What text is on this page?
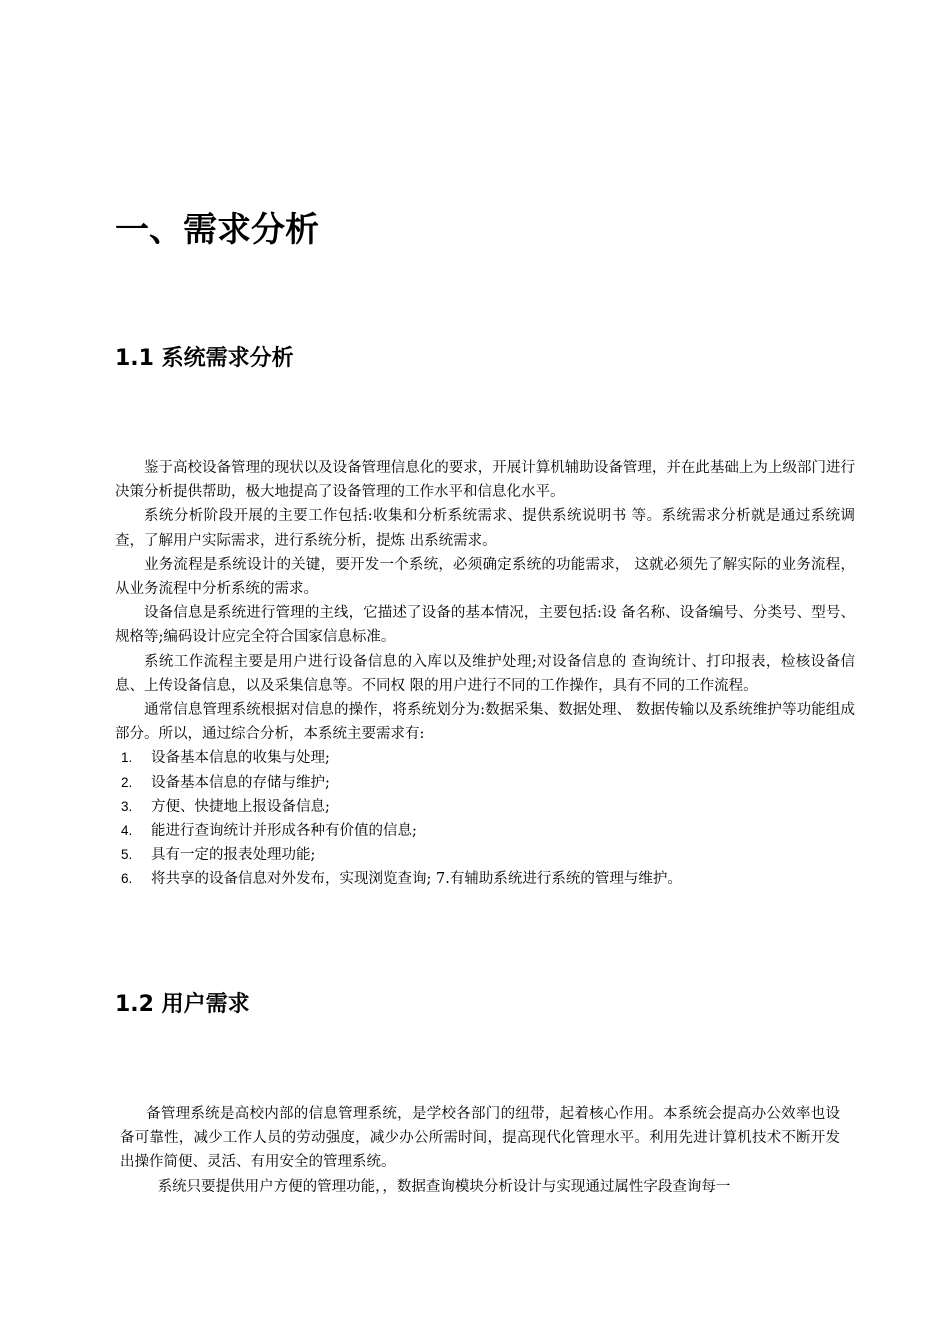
一、需求分析
1.1 系统需求分析

鉴于高校设备管理的现状以及设备管理信息化的要求，开展计算机辅助设备管理，并在此基础上为上级部门进行决策分析提供帮助，极大地提高了设备管理的工作水平和信息化水平。

系统分析阶段开展的主要工作包括:收集和分析系统需求、提供系统说明书 等。系统需求分析就是通过系统调查，了解用户实际需求，进行系统分析，提炼 出系统需求。

业务流程是系统设计的关键，要开发一个系统，必须确定系统的功能需求， 这就必须先了解实际的业务流程，从业务流程中分析系统的需求。

设备信息是系统进行管理的主线，它描述了设备的基本情况，主要包括:设 备名称、设备编号、分类号、型号、规格等;编码设计应完全符合国家信息标准。

系统工作流程主要是用户进行设备信息的入库以及维护处理;对设备信息的 查询统计、打印报表，检核设备信息、上传设备信息，以及采集信息等。不同权 限的用户进行不同的工作操作，具有不同的工作流程。

通常信息管理系统根据对信息的操作，将系统划分为:数据采集、数据处理、 数据传输以及系统维护等功能组成部分。所以，通过综合分析，本系统主要需求有:

1. 设备基本信息的收集与处理;
2. 设备基本信息的存储与维护;
3. 方便、快捷地上报设备信息;
4. 能进行查询统计并形成各种有价值的信息;
5. 具有一定的报表处理功能;
6. 将共享的设备信息对外发布，实现浏览查询; 7.有辅助系统进行系统的管理与维护。
1.2 用户需求

备管理系统是高校内部的信息管理系统，是学校各部门的纽带，起着核心作用。本系统会提高办公效率也设备可靠性，减少工作人员的劳动强度，减少办公所需时间，提高现代化管理水平。利用先进计算机技术不断开发出操作简便、灵活、有用安全的管理系统。

系统只要提供用户方便的管理功能，，数据查询模块分析设计与实现通过属性字段查询每一
